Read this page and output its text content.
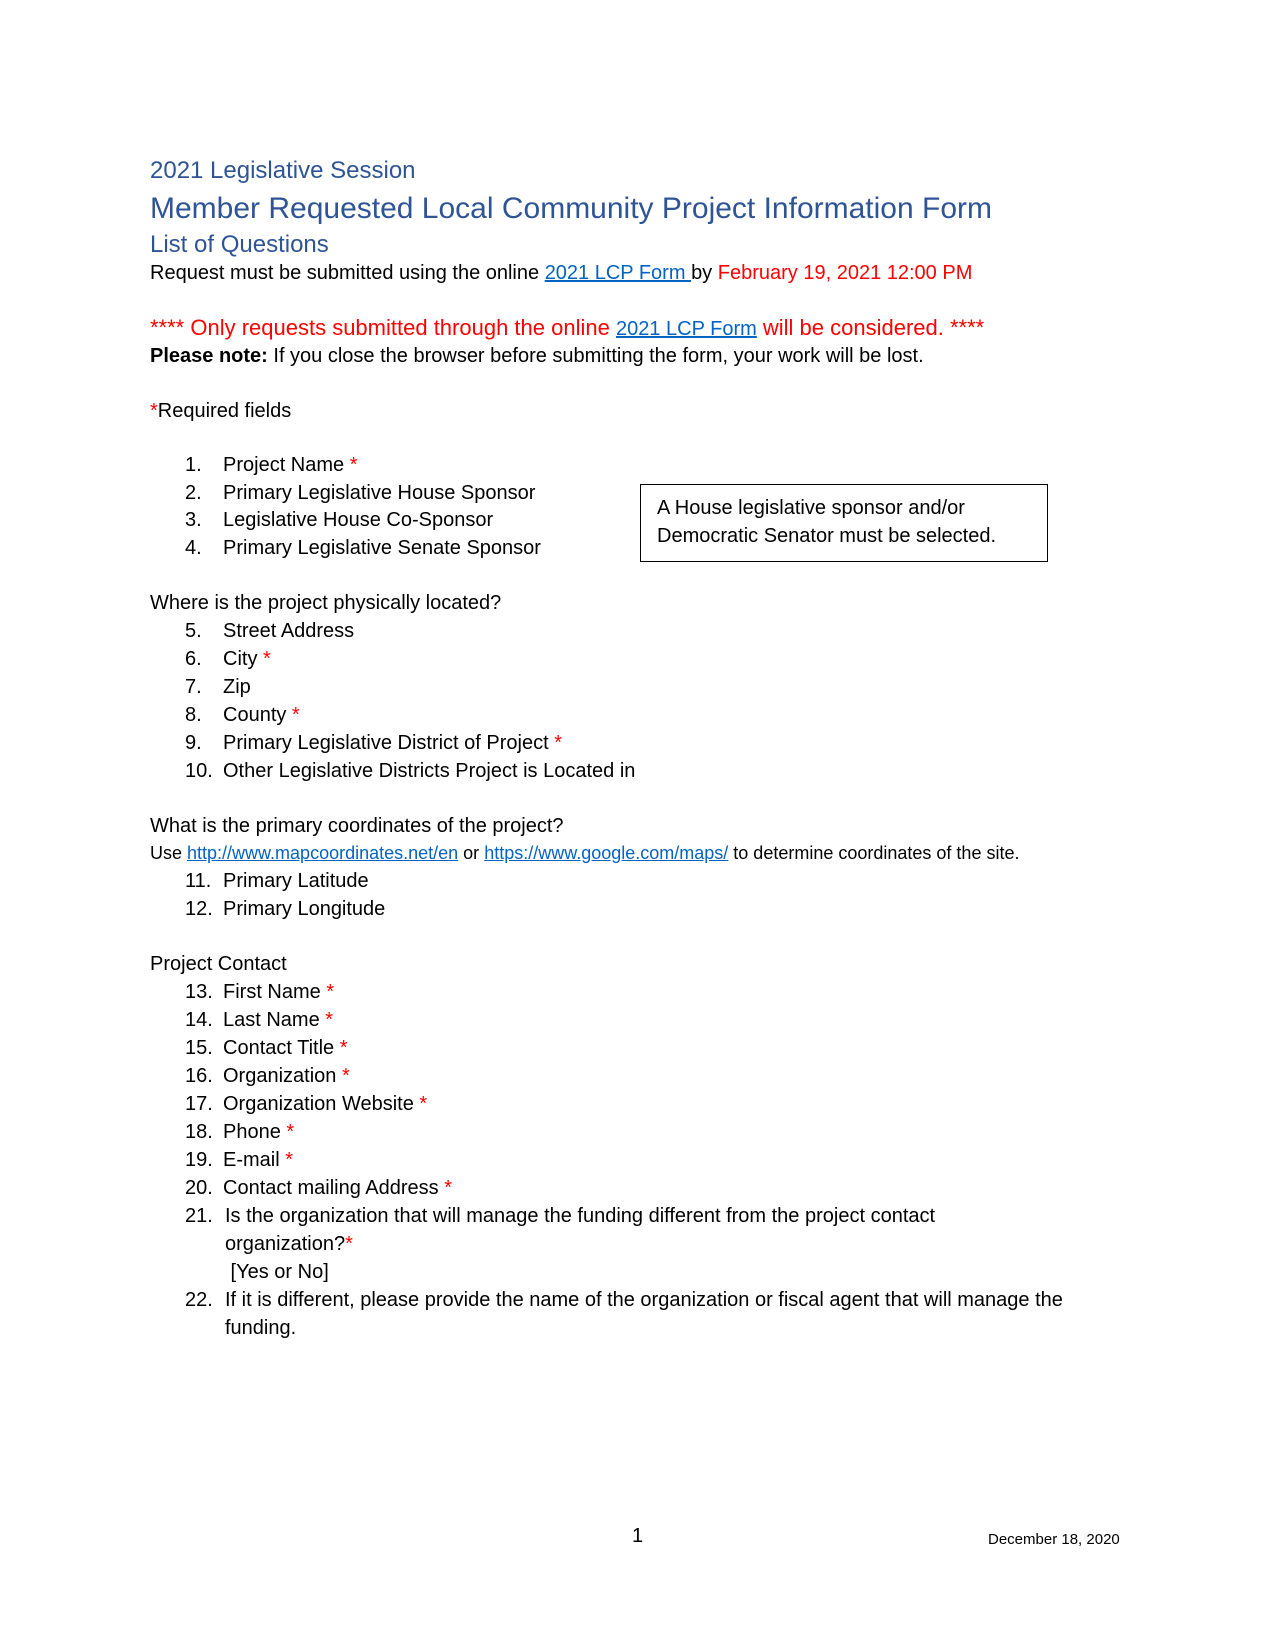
2021 Legislative Session
Member Requested Local Community Project Information Form
List of Questions
Request must be submitted using the online 2021 LCP Form by February 19, 2021 12:00 PM
**** Only requests submitted through the online 2021 LCP Form will be considered. ****
Please note: If you close the browser before submitting the form, your work will be lost.
*Required fields
1. Project Name *
2. Primary Legislative House Sponsor
3. Legislative House Co-Sponsor
4. Primary Legislative Senate Sponsor
A House legislative sponsor and/or Democratic Senator must be selected.
Where is the project physically located?
5. Street Address
6. City *
7. Zip
8. County *
9. Primary Legislative District of Project *
10. Other Legislative Districts Project is Located in
What is the primary coordinates of the project?
Use http://www.mapcoordinates.net/en or https://www.google.com/maps/ to determine coordinates of the site.
11. Primary Latitude
12. Primary Longitude
Project Contact
13. First Name *
14. Last Name *
15. Contact Title *
16. Organization *
17. Organization Website *
18. Phone *
19. E-mail *
20. Contact mailing Address *
21. Is the organization that will manage the funding different from the project contact organization?*
[Yes or No]
22. If it is different, please provide the name of the organization or fiscal agent that will manage the funding.
1	December 18, 2020
